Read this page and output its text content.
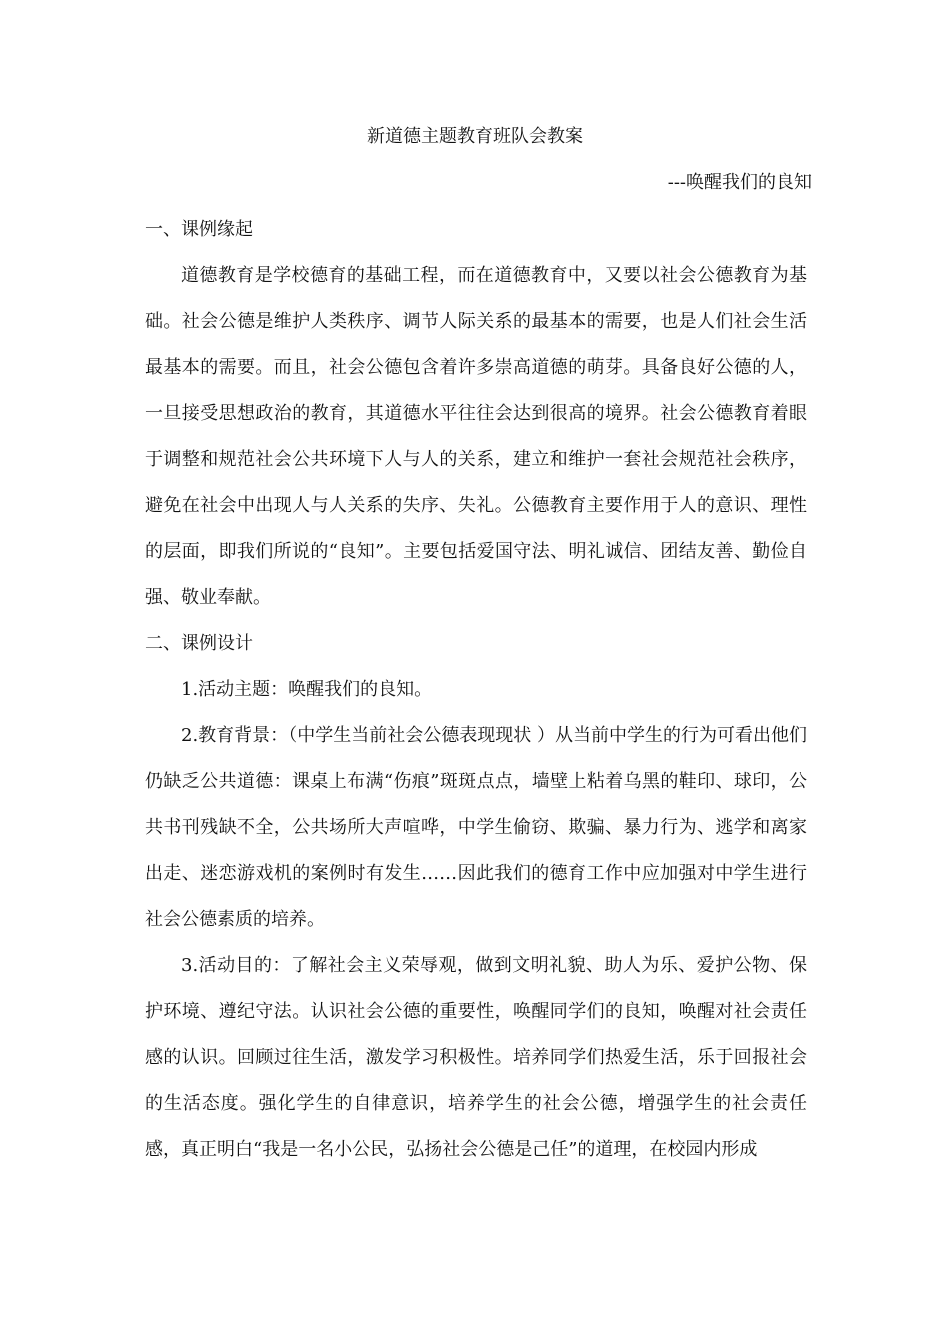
新道德主题教育班队会教案

---唤醒我们的良知

一、课例缘起

道德教育是学校德育的基础工程，而在道德教育中，又要以社会公德教育为基础。社会公德是维护人类秩序、调节人际关系的最基本的需要，也是人们社会生活最基本的需要。而且，社会公德包含着许多崇高道德的萌芽。具备良好公德的人，一旦接受思想政治的教育，其道德水平往往会达到很高的境界。社会公德教育着眼于调整和规范社会公共环境下人与人的关系，建立和维护一套社会规范社会秩序，避免在社会中出现人与人关系的失序、失礼。公德教育主要作用于人的意识、理性的层面，即我们所说的“良知”。主要包括爱国守法、明礼诚信、团结友善、勤俭自强、敬业奉献。

二、课例设计

1.活动主题：唤醒我们的良知。

2.教育背景：（中学生当前社会公德表现现状 ）从当前中学生的行为可看出他们仍缺乏公共道德：课桌上布满“伤痕”斑斑点点，墙壁上粘着乌黑的鞋印、球印，公共书刊残缺不全，公共场所大声喧哗，中学生偷窃、欺骗、暴力行为、逃学和离家出走、迷恋游戏机的案例时有发生……因此我们的德育工作中应加强对中学生进行社会公德素质的培养。

3.活动目的：了解社会主义荣辱观，做到文明礼貌、助人为乐、爱护公物、保护环境、遵纪守法。认识社会公德的重要性，唤醒同学们的良知，唤醒对社会责任感的认识。回顾过往生活，激发学习积极性。培养同学们热爱生活，乐于回报社会的生活态度。强化学生的自律意识，培养学生的社会公德，增强学生的社会责任感，真正明白“我是一名小公民，弘扬社会公德是己任”的道理，在校园内形成
